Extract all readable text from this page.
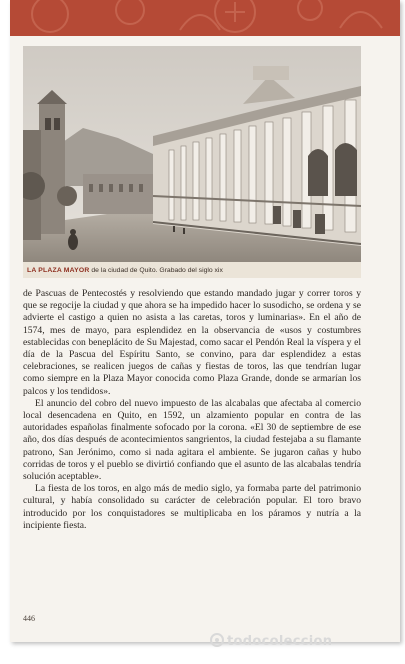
LA PLAZA MAYOR de la ciudad de Quito. Grabado del siglo xix

de Pascuas de Pentecostés y resolviendo que estando mandado jugar y correr toros y que se regocije la ciudad y que ahora se ha impedido hacer lo susodicho, se ordena y se advierte el castigo a quien no asista a las caretas, toros y luminarias». En el año de 1574, mes de mayo, para esplendidez en la observancia de «usos y costumbres establecidas con beneplácito de Su Majestad, como sacar el Pendón Real la víspera y el día de la Pascua del Espíritu Santo, se convino, para dar esplendidez a estas celebraciones, se realicen juegos de cañas y fiestas de toros, las que tendrían lugar como siempre en la Plaza Mayor conocida como Plaza Grande, donde se armarían los palcos y los tendidos».

El anuncio del cobro del nuevo impuesto de las alcabalas que afectaba al comercio local desencadena en Quito, en 1592, un alzamiento popular en contra de las autoridades españolas finalmente sofocado por la corona. «El 30 de septiembre de ese año, dos días después de acontecimientos sangrientos, la ciudad festejaba a su flamante patrono, San Jerónimo, como si nada agitara el ambiente. Se jugaron cañas y hubo corridas de toros y el pueblo se divirtió confiando que el asunto de las alcabalas tendría solución aceptable».

La fiesta de los toros, en algo más de medio siglo, ya formaba parte del patrimonio cultural, y había consolidado su carácter de celebración popular. El toro bravo introducido por los conquistadores se multiplicaba en los páramos y nutría a la incipiente fiesta.

446
todocoleccion
